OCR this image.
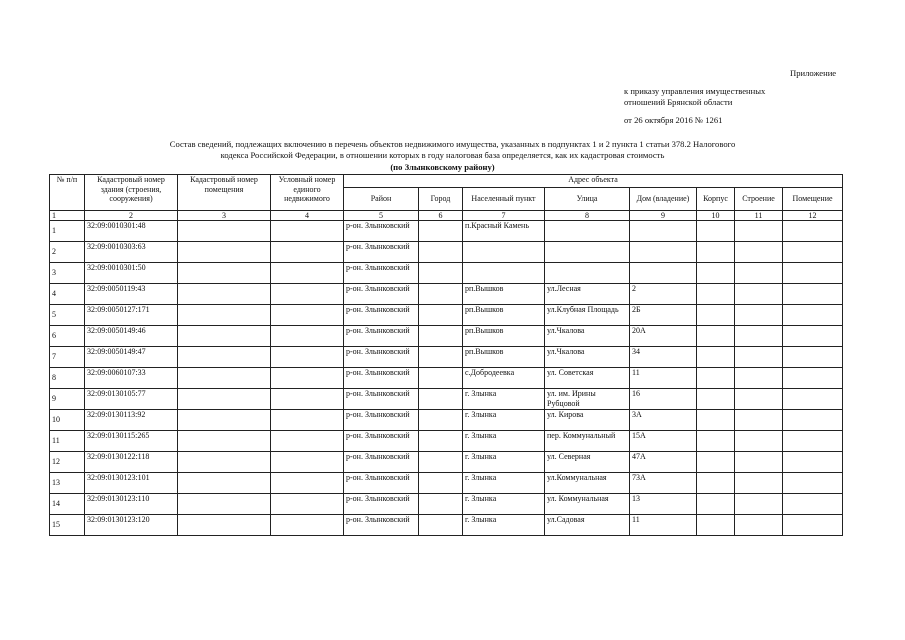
Приложение
к приказу управления имущественных
отношений Брянской области
от 26 октября 2016 № 1261
Состав сведений, подлежащих включению в перечень объектов недвижимого имущества, указанных в подпунктах 1 и 2 пункта 1 статьи 378.2 Налогового
кодекса Российской Федерации, в отношении которых в году налоговая база определяется, как их кадастровая стоимость
(по Злынковскому району)
№ п/п	Кадастровый номер здания (строения, сооружения)	Кадастровый номер помещения	Условный номер единого недвижимого	Адрес объекта							
				Район	Город	Населенный пункт	Улица	Дом (владение)	Корпус	Строение	Помещение
1	2	3	4	5	6	7	8	9	10	11	12
1	32:09:0010301:48			р-он. Злынковский		п.Красный Камень					
2	32:09:0010303:63			р-он. Злынковский							
3	32:09:0010301:50			р-он. Злынковский							
4	32:09:0050119:43			р-он. Злынковский		рп.Вышков	ул.Лесная	2			
5	32:09:0050127:171			р-он. Злынковский		рп.Вышков	ул.Клубная Площадь	2Б			
6	32:09:0050149:46			р-он. Злынковский		рп.Вышков	ул.Чкалова	20А			
7	32:09:0050149:47			р-он. Злынковский		рп.Вышков	ул.Чкалова	34			
8	32:09:0060107:33			р-он. Злынковский		с.Добродеевка	ул. Советская	11			
9	32:09:0130105:77			р-он. Злынковский		г. Злынка	ул. им. Ирины Рубцовой	16			
10	32:09:0130113:92			р-он. Злынковский		г. Злынка	ул. Кирова	3А			
11	32:09:0130115:265			р-он. Злынковский		г. Злынка	пер. Коммунальный	15А			
12	32:09:0130122:118			р-он. Злынковский		г. Злынка	ул. Северная	47А			
13	32:09:0130123:101			р-он. Злынковский		г. Злынка	ул.Коммунальная	73А			
14	32:09:0130123:110			р-он. Злынковский		г. Злынка	ул. Коммунальная	13			
15	32:09:0130123:120			р-он. Злынковский		г. Злынка	ул.Садовая	11			
